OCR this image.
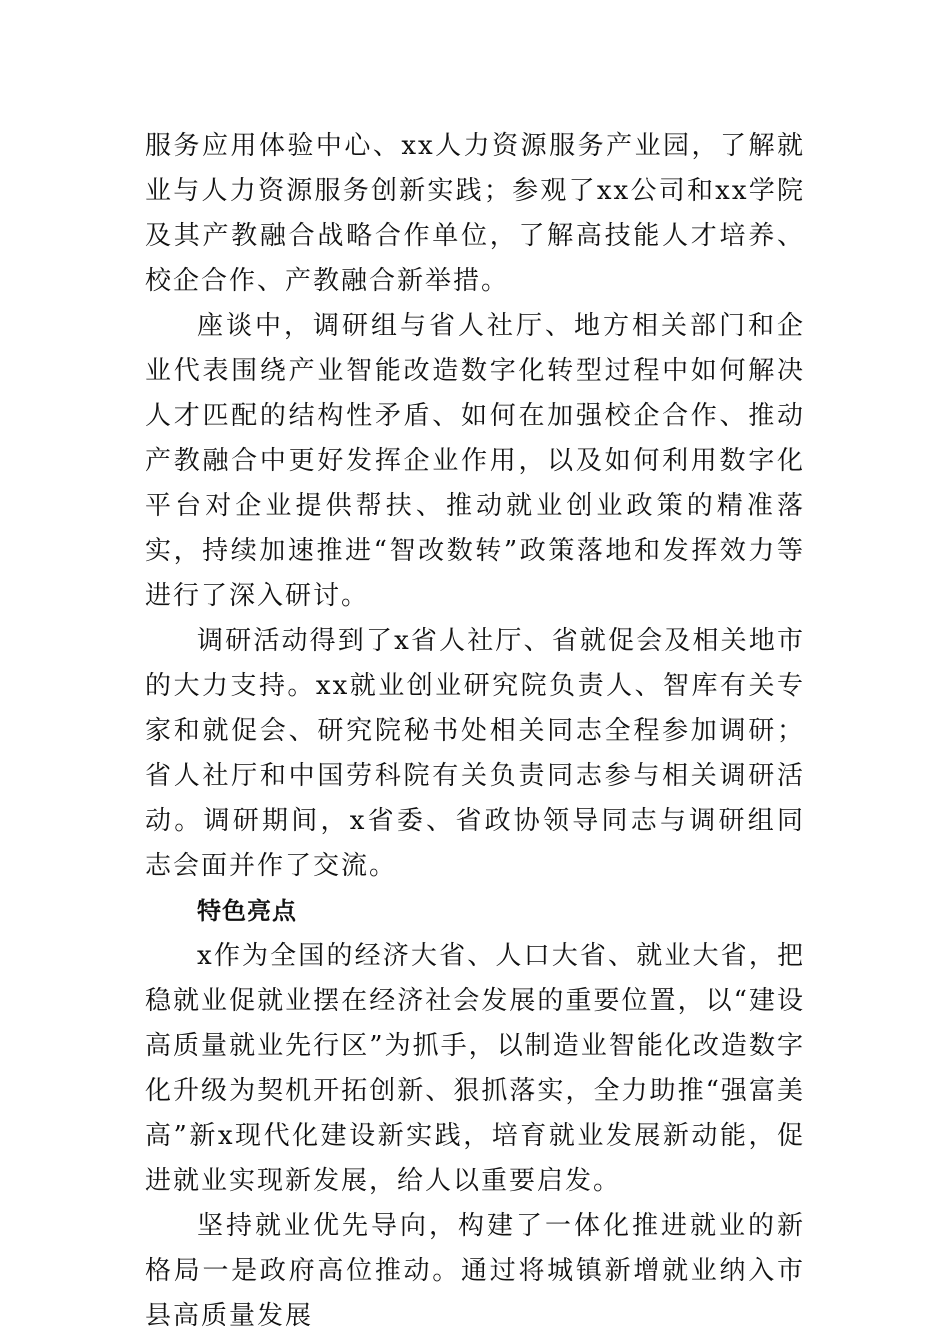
服务应用体验中心、xx人力资源服务产业园，了解就业与人力资源服务创新实践；参观了xx公司和xx学院及其产教融合战略合作单位，了解高技能人才培养、校企合作、产教融合新举措。

座谈中，调研组与省人社厅、地方相关部门和企业代表围绕产业智能改造数字化转型过程中如何解决人才匹配的结构性矛盾、如何在加强校企合作、推动产教融合中更好发挥企业作用，以及如何利用数字化平台对企业提供帮扶、推动就业创业政策的精准落实，持续加速推进“智改数转”政策落地和发挥效力等进行了深入研讨。

调研活动得到了x省人社厅、省就促会及相关地市的大力支持。xx就业创业研究院负责人、智库有关专家和就促会、研究院秘书处相关同志全程参加调研；省人社厅和中国劳科院有关负责同志参与相关调研活动。调研期间，x省委、省政协领导同志与调研组同志会面并作了交流。

特色亮点

x作为全国的经济大省、人口大省、就业大省，把稳就业促就业摆在经济社会发展的重要位置，以“建设高质量就业先行区”为抓手，以制造业智能化改造数字化升级为契机开拓创新、狠抓落实，全力助推“强富美高”新x现代化建设新实践，培育就业发展新动能，促进就业实现新发展，给人以重要启发。

坚持就业优先导向，构建了一体化推进就业的新格局一是政府高位推动。通过将城镇新增就业纳入市县高质量发展
